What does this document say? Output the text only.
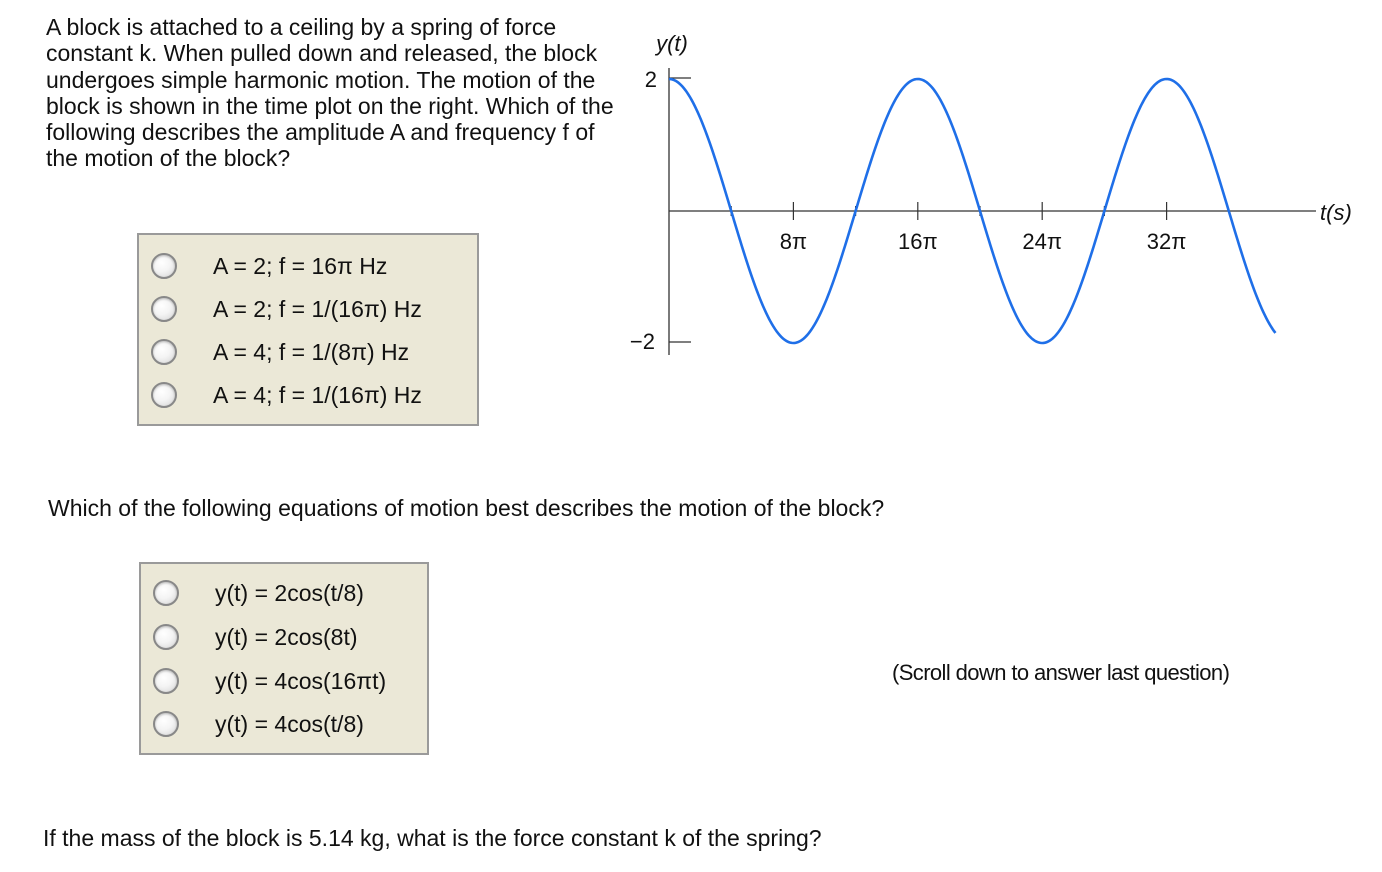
A block is attached to a ceiling by a spring of force constant k. When pulled down and released, the block undergoes simple harmonic motion. The motion of the block is shown in the time plot on the right. Which of the following describes the amplitude A and frequency f of the motion of the block?

A = 2; f = 16π Hz
A = 2; f = 1/(16π) Hz
A = 4; f = 1/(8π) Hz
A = 4; f = 1/(16π) Hz
y(t)
2
−2
8π	16π	24π	32π
t(s)

Which of the following equations of motion best describes the motion of the block?

y(t) = 2cos(t/8)
y(t) = 2cos(8t)
y(t) = 4cos(16πt)
y(t) = 4cos(t/8)

(Scroll down to answer last question)

If the mass of the block is 5.14 kg, what is the force constant k of the spring?
